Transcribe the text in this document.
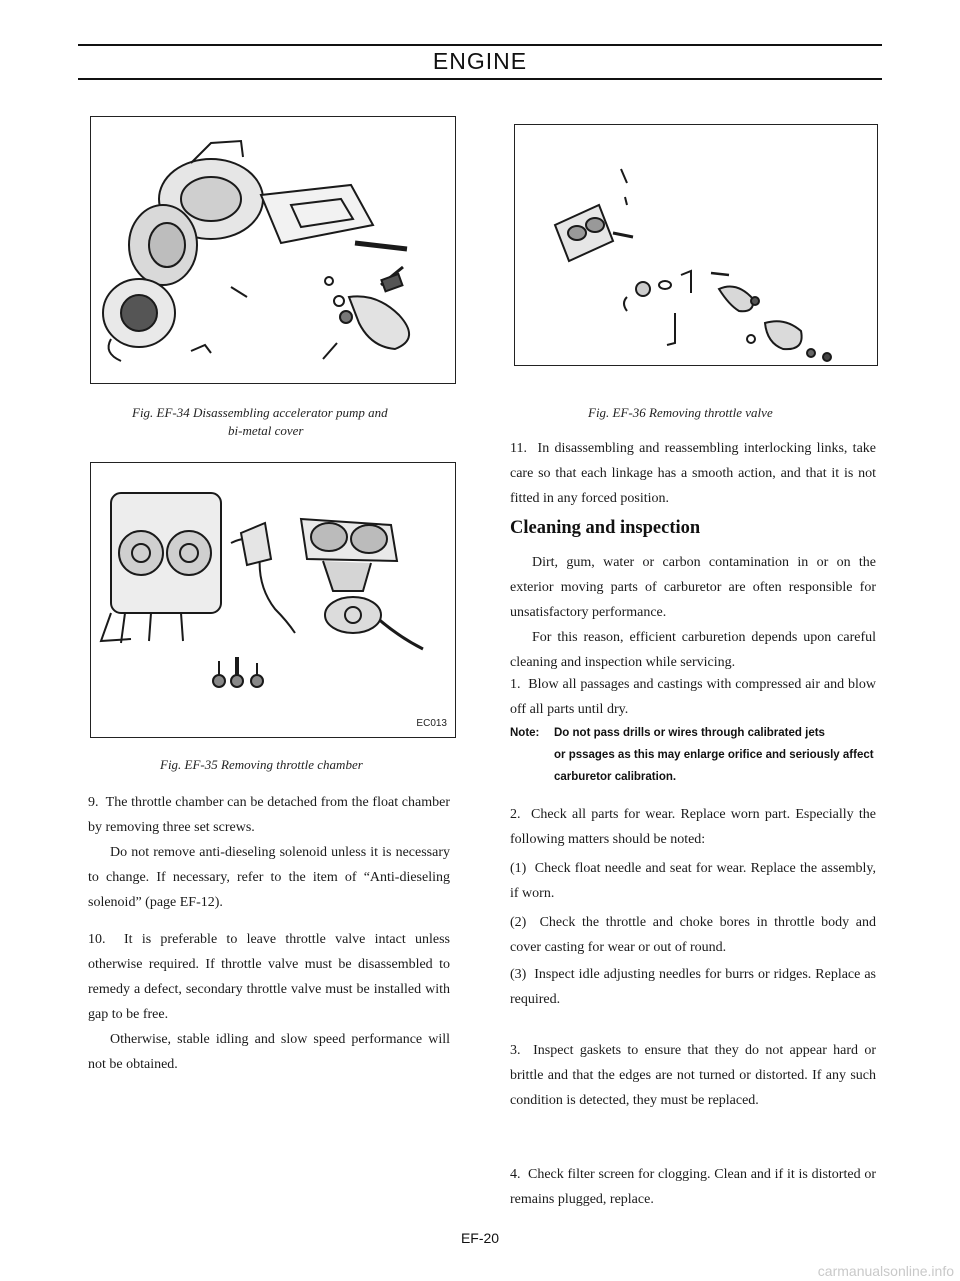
ENGINE
Fig. EF-34 Disassembling accelerator pump and
bi-metal cover
EC013
Fig. EF-35 Removing throttle chamber

9.  The throttle chamber can be detached from the float chamber by removing three set screws.

Do not remove anti-dieseling solenoid unless it is necessary to change. If necessary, refer to the item of “Anti-dieseling solenoid” (page EF-12).

10.  It is preferable to leave throttle valve intact unless otherwise required. If throttle valve must be disassembled to remedy a defect, secondary throttle valve must be installed with gap to be free.

Otherwise, stable idling and slow speed performance will not be obtained.

Fig. EF-36 Removing throttle valve
11.  In disassembling and reassembling interlocking links, take care so that each linkage has a smooth action, and that it is not fitted in any forced position.
Cleaning and inspection

Dirt, gum, water or carbon contamination in or on the exterior moving parts of carburetor are often responsible for unsatisfactory performance.

For this reason, efficient carburetion depends upon careful cleaning and inspection while servicing.

1.  Blow all passages and castings with compressed air and blow off all parts until dry.
Note: Do not pass drills or wires through calibrated jets
or pssages as this may enlarge orifice and seriously affect carburetor calibration.
2.  Check all parts for wear. Replace worn part. Especially the following matters should be noted:
(1)  Check float needle and seat for wear. Replace the assembly, if worn.
(2)  Check the throttle and choke bores in throttle body and cover casting for wear or out of round.
(3)  Inspect idle adjusting needles for burrs or ridges. Replace as required.
3.  Inspect gaskets to ensure that they do not appear hard or brittle and that the edges are not turned or distorted. If any such condition is detected, they must be replaced.
4.  Check filter screen for clogging. Clean and if it is distorted or remains plugged, replace.
EF-20
carmanualsonline.info
